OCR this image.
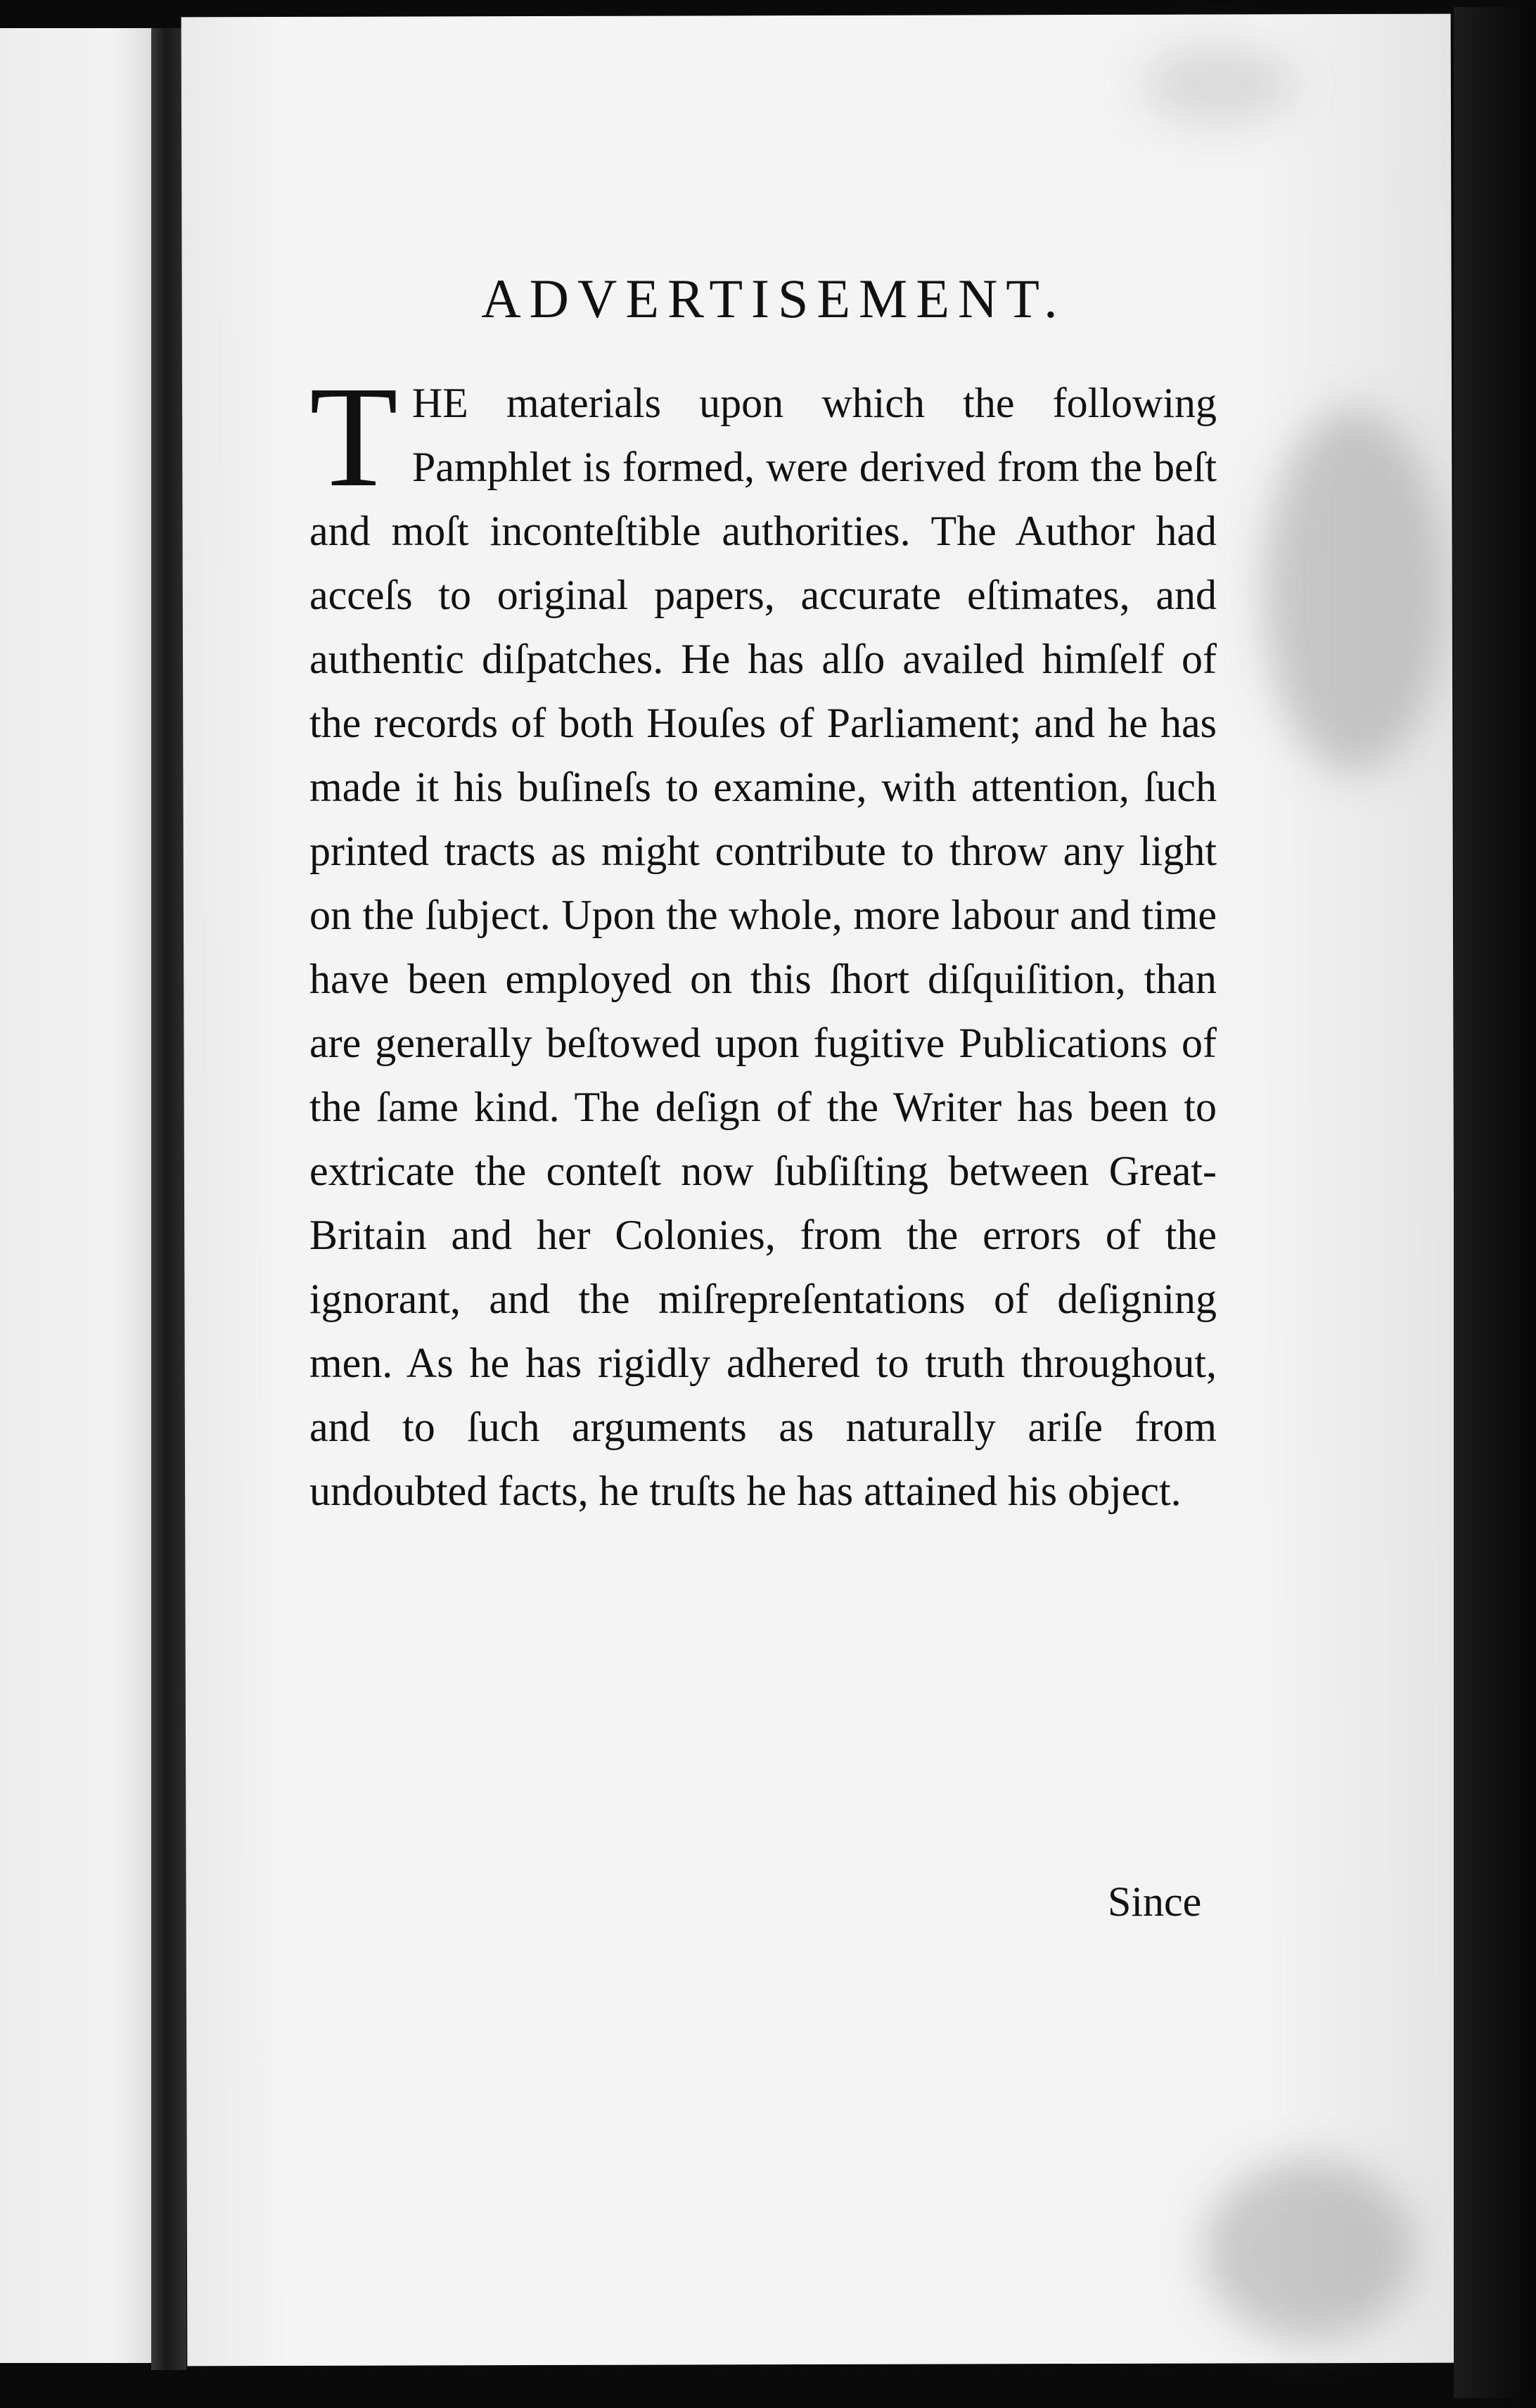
ADVERTISEMENT.

THE materials upon which the following Pamphlet is formed, were derived from the beſt and moſt inconteſtible authorities. The Author had acceſs to original papers, accurate eſtimates, and authentic diſpatches. He has alſo availed himſelf of the records of both Houſes of Parliament; and he has made it his buſineſs to examine, with attention, ſuch printed tracts as might contribute to throw any light on the ſubject. Upon the whole, more labour and time have been employed on this ſhort diſquiſition, than are generally beſtowed upon fugitive Publications of the ſame kind. The deſign of the Writer has been to extricate the conteſt now ſubſiſting between Great-Britain and her Colonies, from the errors of the ignorant, and the miſrepreſentations of deſigning men. As he has rigidly adhered to truth throughout, and to ſuch arguments as naturally ariſe from undoubted facts, he truſts he has attained his object.

Since
